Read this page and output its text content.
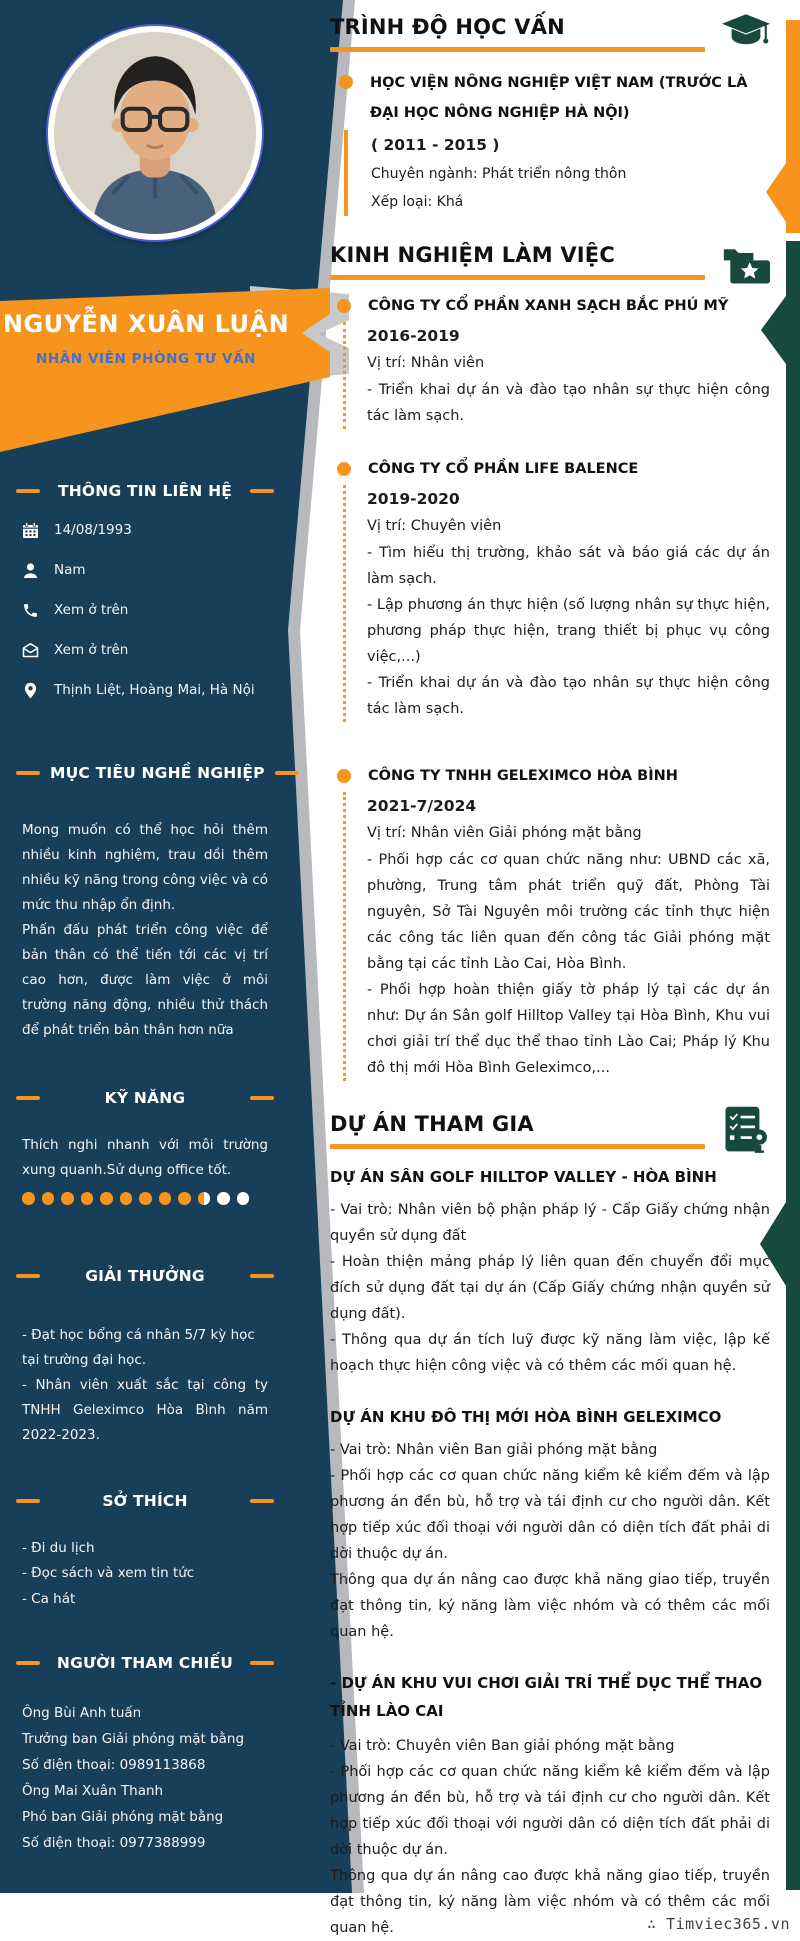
NGUYỄN XUÂN LUẬN
NHÂN VIÊN PHÒNG TƯ VẤN
THÔNG TIN LIÊN HỆ
14/08/1993
Nam
Xem ở trên
Xem ở trên
Thịnh Liệt, Hoàng Mai, Hà Nội
MỤC TIÊU NGHỀ NGHIỆP

Mong muốn có thể học hỏi thêm nhiều kinh nghiệm, trau dồi thêm nhiều kỹ năng trong công việc và có mức thu nhập ổn định.

Phấn đấu phát triển công việc để bản thân có thể tiến tới các vị trí cao hơn, được làm việc ở môi trường năng động, nhiều thử thách để phát triển bản thân hơn nữa

KỸ NĂNG

Thích nghi nhanh với môi trường xung quanh.Sử dụng office tốt.

GIẢI THƯỞNG

- Đạt học bổng cá nhân 5/7 kỳ học tại trường đại học.

- Nhân viên xuất sắc tại công ty TNHH Geleximco Hòa Bình năm 2022-2023.

SỞ THÍCH
- Đi du lịch
- Đọc sách và xem tin tức
- Ca hát
NGƯỜI THAM CHIẾU
Ông Bùi Anh tuấn
Trưởng ban Giải phóng mặt bằng
Số điện thoại: 0989113868
Ông Mai Xuân Thanh
Phó ban Giải phóng mặt bằng
Số điện thoại: 0977388999
TRÌNH ĐỘ HỌC VẤN
HỌC VIỆN NÔNG NGHIỆP VIỆT NAM (TRƯỚC LÀ ĐẠI HỌC NÔNG NGHIỆP HÀ NỘI)
( 2011 - 2015 )
Chuyên ngành: Phát triển nông thôn
Xếp loại: Khá
KINH NGHIỆM LÀM VIỆC
CÔNG TY CỔ PHẦN XANH SẠCH BẮC PHÚ MỸ
2016-2019
Vị trí: Nhân viên

- Triển khai dự án và đào tạo nhân sự thực hiện công tác làm sạch.

CÔNG TY CỔ PHẦN LIFE BALENCE
2019-2020
Vị trí: Chuyên viên

- Tìm hiểu thị trường, khảo sát và báo giá các dự án làm sạch.

- Lập phương án thực hiện (số lượng nhân sự thực hiện, phương pháp thực hiện, trang thiết bị phục vụ công việc,...)

- Triển khai dự án và đào tạo nhân sự thực hiện công tác làm sạch.

CÔNG TY TNHH GELEXIMCO HÒA BÌNH
2021-7/2024
Vị trí: Nhân viên Giải phóng mặt bằng

- Phối hợp các cơ quan chức năng như: UBND các xã, phường, Trung tâm phát triển quỹ đất, Phòng Tài nguyên, Sở Tài Nguyên môi trường các tỉnh thực hiện các công tác liên quan đến công tác Giải phóng mặt bằng tại các tỉnh Lào Cai, Hòa Bình.

- Phối hợp hoàn thiện giấy tờ pháp lý tại các dự án như: Dự án Sân golf Hilltop Valley tại Hòa Bình, Khu vui chơi giải trí thể dục thể thao tỉnh Lào Cai; Pháp lý Khu đô thị mới Hòa Bình Geleximco,...

DỰ ÁN THAM GIA
DỰ ÁN SÂN GOLF HILLTOP VALLEY - HÒA BÌNH

- Vai trò: Nhân viên bộ phận pháp lý - Cấp Giấy chứng nhận quyền sử dụng đất

- Hoàn thiện mảng pháp lý liên quan đến chuyển đổi mục đích sử dụng đất tại dự án (Cấp Giấy chứng nhận quyền sử dụng đất).

- Thông qua dự án tích luỹ được kỹ năng làm việc, lập kế hoạch thực hiện công việc và có thêm các mối quan hệ.

DỰ ÁN KHU ĐÔ THỊ MỚI HÒA BÌNH GELEXIMCO

- Vai trò: Nhân viên Ban giải phóng mặt bằng

- Phối hợp các cơ quan chức năng kiểm kê kiểm đếm và lập phương án đền bù, hỗ trợ và tái định cư cho người dân. Kết hợp tiếp xúc đối thoại với người dân có diện tích đất phải di dời thuộc dự án.

Thông qua dự án nâng cao được khả năng giao tiếp, truyền đạt thông tin, ký năng làm việc nhóm và có thêm các mối quan hệ.

- DỰ ÁN KHU VUI CHƠI GIẢI TRÍ THỂ DỤC THỂ THAO TỈNH LÀO CAI

- Vai trò: Chuyên viên Ban giải phóng mặt bằng

- Phối hợp các cơ quan chức năng kiểm kê kiểm đếm và lập phương án đền bù, hỗ trợ và tái định cư cho người dân. Kết hợp tiếp xúc đối thoại với người dân có diện tích đất phải di dời thuộc dự án.

Thông qua dự án nâng cao được khả năng giao tiếp, truyền đạt thông tin, ký năng làm việc nhóm và có thêm các mối quan hệ.	∴ Timviec365.vn
